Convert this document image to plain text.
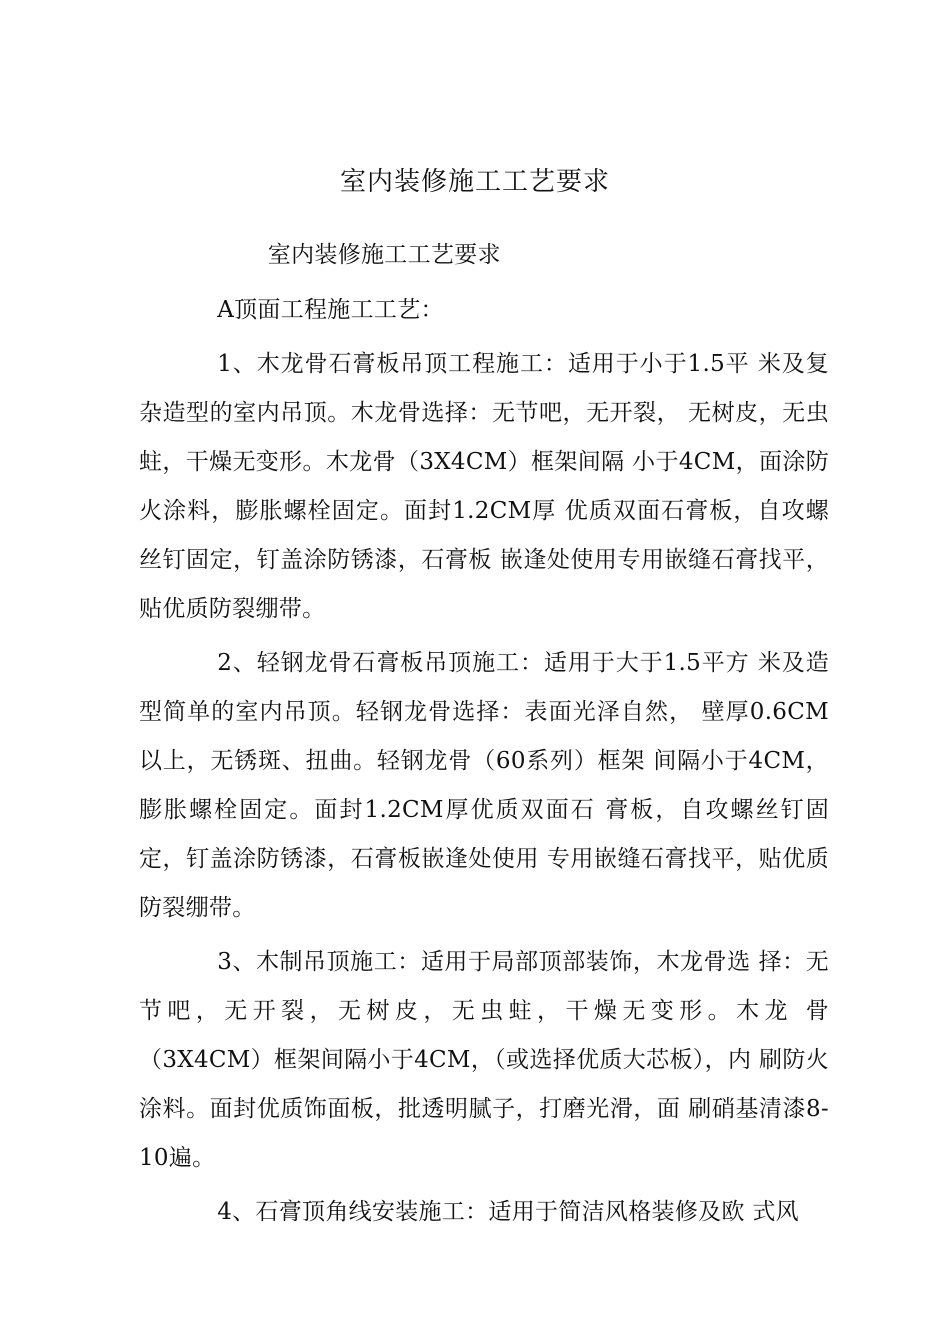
室内装修施工工艺要求

室内装修施工工艺要求

A顶面工程施工工艺：

1、木龙骨石膏板吊顶工程施工：适用于小于1.5平 米及复杂造型的室内吊顶。木龙骨选择：无节吧，无开裂， 无树皮，无虫蛀，干燥无变形。木龙骨（3X4CM）框架间隔 小于4CM，面涂防火涂料，膨胀螺栓固定。面封1.2CM厚 优质双面石膏板，自攻螺丝钉固定，钉盖涂防锈漆，石膏板 嵌逢处使用专用嵌缝石膏找平，贴优质防裂绷带。

2、轻钢龙骨石膏板吊顶施工：适用于大于1.5平方 米及造型简单的室内吊顶。轻钢龙骨选择：表面光泽自然， 壁厚0.6CM以上，无锈斑、扭曲。轻钢龙骨（60系列）框架 间隔小于4CM，膨胀螺栓固定。面封1.2CM厚优质双面石 膏板，自攻螺丝钉固定，钉盖涂防锈漆，石膏板嵌逢处使用 专用嵌缝石膏找平，贴优质防裂绷带。

3、木制吊顶施工：适用于局部顶部装饰，木龙骨选 择：无节吧，无开裂，无树皮，无虫蛀，干燥无变形。木龙 骨（3X4CM）框架间隔小于4CM，（或选择优质大芯板），内 刷防火涂料。面封优质饰面板，批透明腻子，打磨光滑，面 刷硝基清漆8-10遍。

4、石膏顶角线安装施工：适用于简洁风格装修及欧 式风
